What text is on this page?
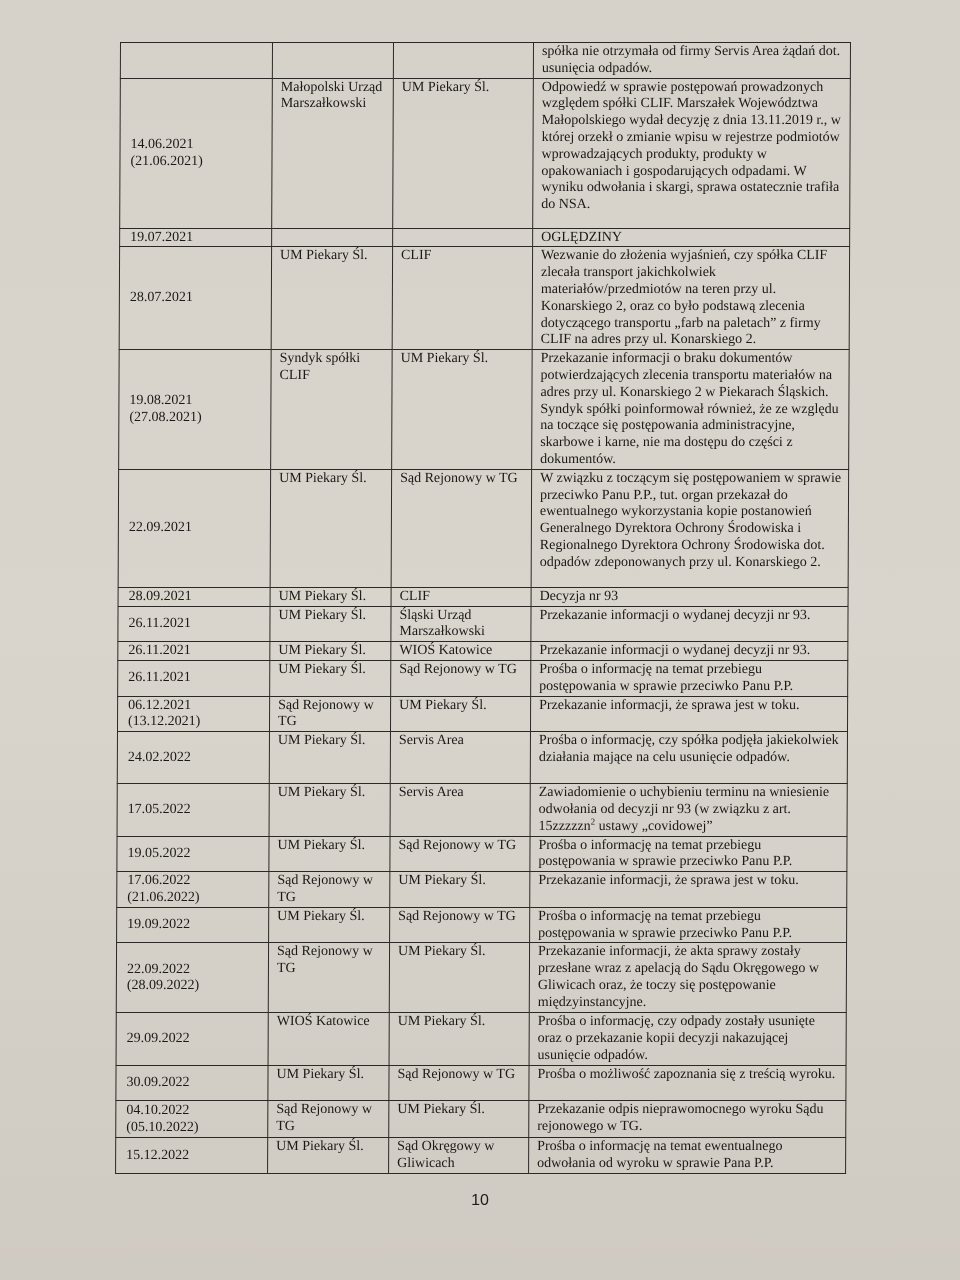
			spółka nie otrzymała od firmy Servis Area żądań dot. usunięcia odpadów.

14.06.2021
(21.06.2021)	Małopolski Urząd Marszałkowski	UM Piekary Śl.	Odpowiedź w sprawie postępowań prowadzonych względem spółki CLIF. Marszałek Województwa Małopolskiego wydał decyzję z dnia 13.11.2019 r., w której orzekł o zmianie wpisu w rejestrze podmiotów wprowadzających produkty, produkty w opakowaniach i gospodarujących odpadami. W wyniku odwołania i skargi, sprawa ostatecznie trafiła do NSA.

19.07.2021			OGLĘDZINY

28.07.2021	UM Piekary Śl.	CLIF	Wezwanie do złożenia wyjaśnień, czy spółka CLIF zlecała transport jakichkolwiek materiałów/przedmiotów na teren przy ul. Konarskiego 2, oraz co było podstawą zlecenia dotyczącego transportu „farb na paletach” z firmy CLIF na adres przy ul. Konarskiego 2.

19.08.2021
(27.08.2021)	Syndyk spółki CLIF	UM Piekary Śl.	Przekazanie informacji o braku dokumentów potwierdzających zlecenia transportu materiałów na adres przy ul. Konarskiego 2 w Piekarach Śląskich. Syndyk spółki poinformował również, że ze względu na toczące się postępowania administracyjne, skarbowe i karne, nie ma dostępu do części z dokumentów.

22.09.2021	UM Piekary Śl.	Sąd Rejonowy w TG	W związku z toczącym się postępowaniem w sprawie przeciwko Panu P.P., tut. organ przekazał do ewentualnego wykorzystania kopie postanowień Generalnego Dyrektora Ochrony Środowiska i Regionalnego Dyrektora Ochrony Środowiska dot. odpadów zdeponowanych przy ul. Konarskiego 2.

28.09.2021	UM Piekary Śl.	CLIF	Decyzja nr 93

26.11.2021	UM Piekary Śl.	Śląski Urząd Marszałkowski	Przekazanie informacji o wydanej decyzji nr 93.

26.11.2021	UM Piekary Śl.	WIOŚ Katowice	Przekazanie informacji o wydanej decyzji nr 93.

26.11.2021	UM Piekary Śl.	Sąd Rejonowy w TG	Prośba o informację na temat przebiegu postępowania w sprawie przeciwko Panu P.P.

06.12.2021
(13.12.2021)	Sąd Rejonowy w TG	UM Piekary Śl.	Przekazanie informacji, że sprawa jest w toku.

24.02.2022	UM Piekary Śl.	Servis Area	Prośba o informację, czy spółka podjęła jakiekolwiek działania mające na celu usunięcie odpadów.

17.05.2022	UM Piekary Śl.	Servis Area	Zawiadomienie o uchybieniu terminu na wniesienie odwołania od decyzji nr 93 (w związku z art. 15zzzzzn$^2$ ustawy „covidowej”

19.05.2022	UM Piekary Śl.	Sąd Rejonowy w TG	Prośba o informację na temat przebiegu postępowania w sprawie przeciwko Panu P.P.

17.06.2022
(21.06.2022)	Sąd Rejonowy w TG	UM Piekary Śl.	Przekazanie informacji, że sprawa jest w toku.

19.09.2022	UM Piekary Śl.	Sąd Rejonowy w TG	Prośba o informację na temat przebiegu postępowania w sprawie przeciwko Panu P.P.

22.09.2022
(28.09.2022)	Sąd Rejonowy w TG	UM Piekary Śl.	Przekazanie informacji, że akta sprawy zostały przesłane wraz z apelacją do Sądu Okręgowego w Gliwicach oraz, że toczy się postępowanie międzyinstancyjne.

29.09.2022	WIOŚ Katowice	UM Piekary Śl.	Prośba o informację, czy odpady zostały usunięte oraz o przekazanie kopii decyzji nakazującej usunięcie odpadów.

30.09.2022	UM Piekary Śl.	Sąd Rejonowy w TG	Prośba o możliwość zapoznania się z treścią wyroku.

04.10.2022
(05.10.2022)	Sąd Rejonowy w TG	UM Piekary Śl.	Przekazanie odpis nieprawomocnego wyroku Sądu rejonowego w TG.

15.12.2022	UM Piekary Śl.	Sąd Okręgowy w Gliwicach	Prośba o informację na temat ewentualnego odwołania od wyroku w sprawie Pana P.P.
10
